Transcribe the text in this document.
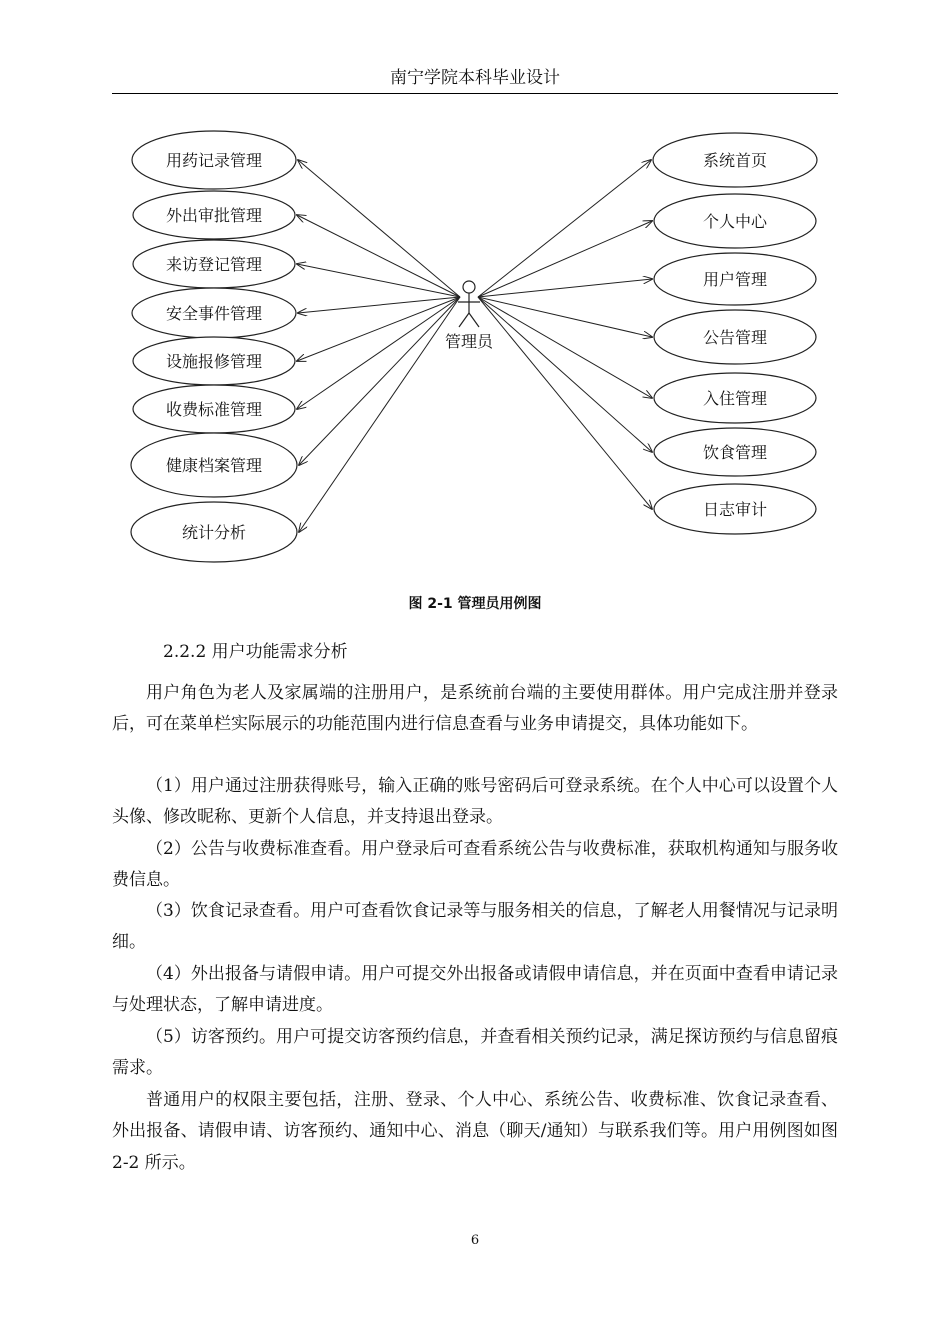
南宁学院本科毕业设计
用药记录管理
外出审批管理
来访登记管理
安全事件管理
设施报修管理
收费标准管理
健康档案管理
统计分析
系统首页
个人中心
用户管理
公告管理
入住管理
饮食管理
日志审计
管理员
图 2-1 管理员用例图
2.2.2 用户功能需求分析

用户角色为老人及家属端的注册用户，是系统前台端的主要使用群体。用户完成注册并登录后，可在菜单栏实际展示的功能范围内进行信息查看与业务申请提交，具体功能如下。

（1）用户通过注册获得账号，输入正确的账号密码后可登录系统。在个人中心可以设置个人头像、修改昵称、更新个人信息，并支持退出登录。

（2）公告与收费标准查看。用户登录后可查看系统公告与收费标准，获取机构通知与服务收费信息。

（3）饮食记录查看。用户可查看饮食记录等与服务相关的信息，了解老人用餐情况与记录明细。

（4）外出报备与请假申请。用户可提交外出报备或请假申请信息，并在页面中查看申请记录与处理状态，了解申请进度。

（5）访客预约。用户可提交访客预约信息，并查看相关预约记录，满足探访预约与信息留痕需求。

普通用户的权限主要包括，注册、登录、个人中心、系统公告、收费标准、饮食记录查看、外出报备、请假申请、访客预约、通知中心、消息（聊天/通知）与联系我们等。用户用例图如图 2-2 所示。

6
